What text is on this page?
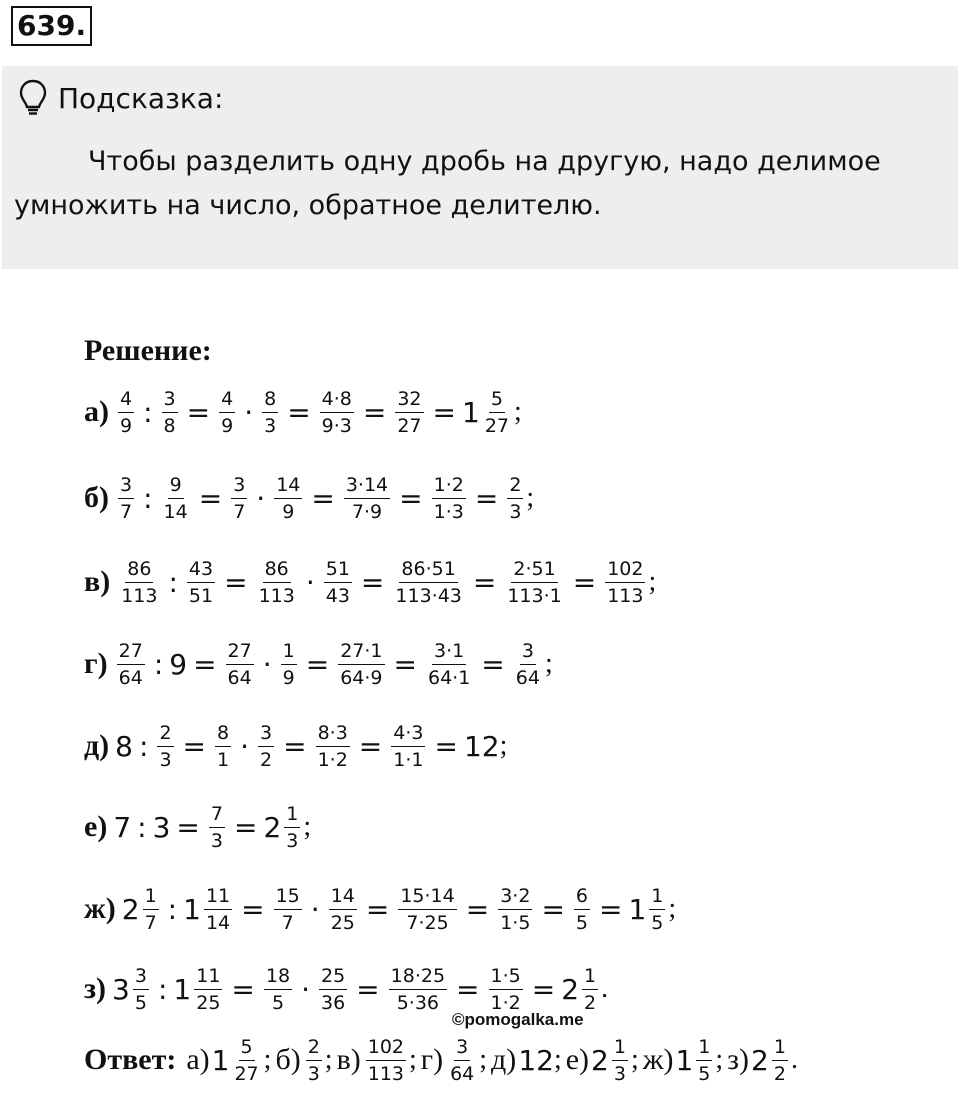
639.
Подсказка:

Чтобы разделить одну дробь на другую, надо делимое умножить на число, обратное делителю.

Решение:
$а) \frac{4}{9}$ : $\frac{3}{8} = \frac{4}{9} \cdot \frac{8}{3} = \frac{4\cdot 8}{9\cdot 3} = \frac{32}{27} = 1 \frac{5}{27}$ ;
$б) \frac{3}{7}$ : $\frac{9}{14} = \frac{3}{7} \cdot \frac{14}{9} = \frac{3\cdot 14}{7\cdot 9} = \frac{1\cdot 2}{1\cdot 3} = \frac{2}{3}$ ;
$в) \frac{86}{113}$ : $\frac{43}{51} = \frac{86}{113} \cdot \frac{51}{43} = \frac{86\cdot 51}{113\cdot 43} = \frac{2\cdot 51}{113\cdot 1} = \frac{102}{113}$ ;
$г) \frac{27}{64}$ : $9 = \frac{27}{64} \cdot \frac{1}{9} = \frac{27\cdot 1}{64\cdot 9} = \frac{3\cdot 1}{64\cdot 1} = \frac{3}{64}$ ;
д) 8 : $\frac{2}{3} = \frac{8}{1} \cdot \frac{3}{2} = \frac{8\cdot 3}{1\cdot 2} = \frac{4\cdot 3}{1\cdot 1} = 12$ ;
е) 7 : $3 = \frac{7}{3} = 2 \frac{1}{3}$ ;
ж) $2 \frac{1}{7}$ : $1 \frac{11}{14} = \frac{15}{7} \cdot \frac{14}{25} = \frac{15\cdot 14}{7\cdot 25} = \frac{3\cdot 2}{1\cdot 5} = \frac{6}{5} = 1 \frac{1}{5}$ ;
з) $3 \frac{3}{5}$ : $1 \frac{11}{25} = \frac{18}{5} \cdot \frac{25}{36} = \frac{18\cdot 25}{5\cdot 36} = \frac{1\cdot 5}{1\cdot 2} = 2 \frac{1}{2}$ .
©pomogalka.me
Ответ: а) $1 \frac{5}{27}$ ; $б) \frac{2}{3}$ ; $в) \frac{102}{113}$ ; $г) \frac{3}{64}$ ; д) 12 ; е) $2 \frac{1}{3}$ ; ж) $1 \frac{1}{5}$ ; з) $2 \frac{1}{2}$ .
